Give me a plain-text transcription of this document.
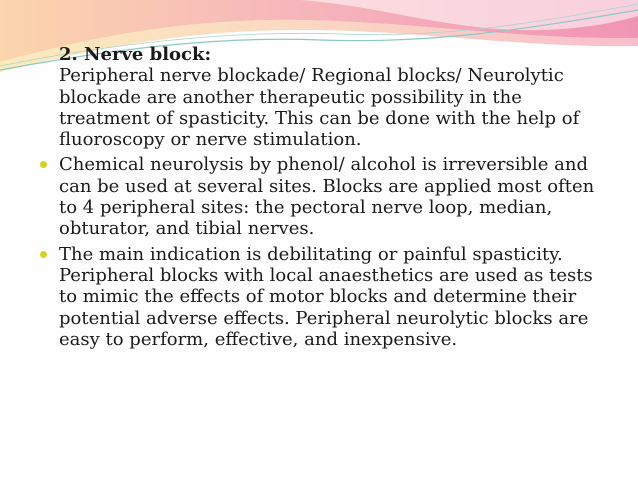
2. Nerve block:
Peripheral nerve blockade/ Regional blocks/ Neurolytic blockade are another therapeutic possibility in the treatment of spasticity. This can be done with the help of fluoroscopy or nerve stimulation.
Chemical neurolysis by phenol/ alcohol is irreversible and can be used at several sites. Blocks are applied most often to 4 peripheral sites: the pectoral nerve loop, median, obturator, and tibial nerves.
The main indication is debilitating or painful spasticity. Peripheral blocks with local anaesthetics are used as tests to mimic the effects of motor blocks and determine their potential adverse effects. Peripheral neurolytic blocks are easy to perform, effective, and inexpensive.
